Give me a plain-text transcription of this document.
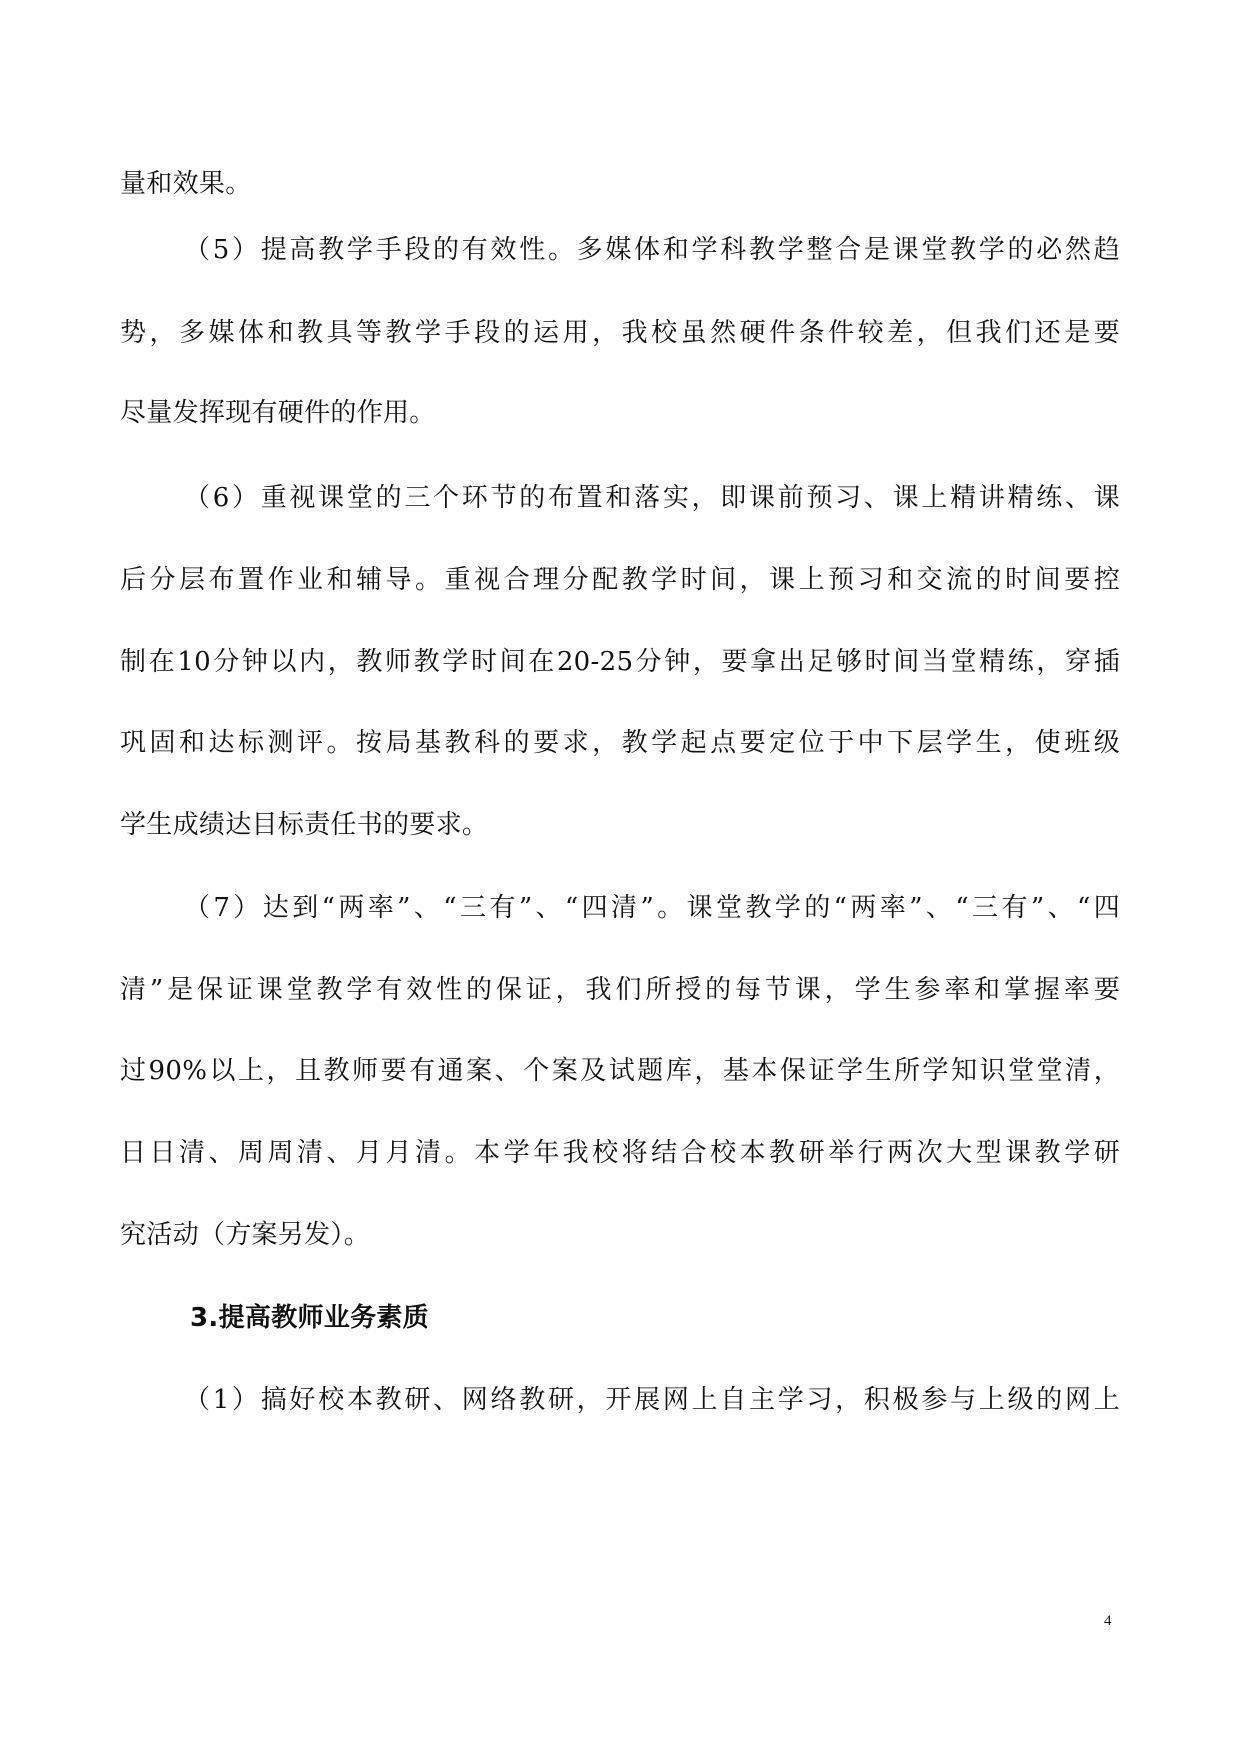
量和效果。
（5）提高教学手段的有效性。多媒体和学科教学整合是课堂教学的必然趋
势，多媒体和教具等教学手段的运用，我校虽然硬件条件较差，但我们还是要
尽量发挥现有硬件的作用。
（6）重视课堂的三个环节的布置和落实，即课前预习、课上精讲精练、课
后分层布置作业和辅导。重视合理分配教学时间，课上预习和交流的时间要控
制在10分钟以内，教师教学时间在20-25分钟，要拿出足够时间当堂精练，穿插
巩固和达标测评。按局基教科的要求，教学起点要定位于中下层学生，使班级
学生成绩达目标责任书的要求。
（7）达到“两率”、“三有”、“四清”。课堂教学的“两率”、“三有”、“四
清”是保证课堂教学有效性的保证，我们所授的每节课，学生参率和掌握率要
过90%以上，且教师要有通案、个案及试题库，基本保证学生所学知识堂堂清，
日日清、周周清、月月清。本学年我校将结合校本教研举行两次大型课教学研
究活动（方案另发）。
3.提高教师业务素质
（1）搞好校本教研、网络教研，开展网上自主学习，积极参与上级的网上
4
